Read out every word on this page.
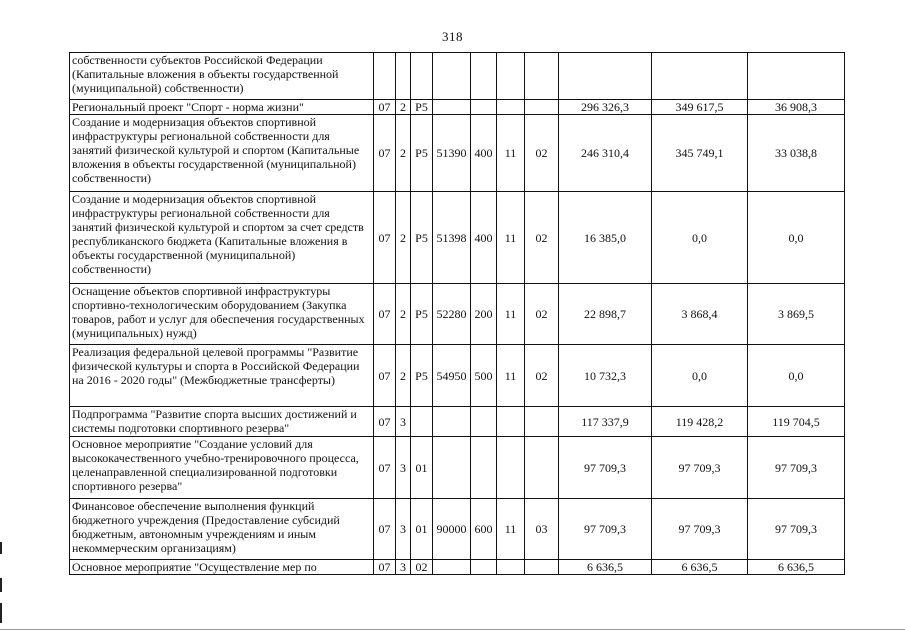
318
собственности субъектов Российской Федерации (Капитальные вложения в объекты государственной (муниципальной) собственности)										
Региональный проект "Спорт - норма жизни"	07	2	P5					296 326,3	349 617,5	36 908,3
Создание и модернизация объектов спортивной инфраструктуры региональной собственности для занятий физической культурой и спортом (Капитальные вложения в объекты государственной (муниципальной) собственности)	07	2	P5	51390	400	11	02	246 310,4	345 749,1	33 038,8
Создание и модернизация объектов спортивной инфраструктуры региональной собственности для занятий физической культурой и спортом за счет средств республиканского бюджета (Капитальные вложения в объекты государственной (муниципальной) собственности)	07	2	P5	51398	400	11	02	16 385,0	0,0	0,0
Оснащение объектов спортивной инфраструктуры спортивно-технологическим оборудованием (Закупка товаров, работ и услуг для обеспечения государственных (муниципальных) нужд)	07	2	P5	52280	200	11	02	22 898,7	3 868,4	3 869,5
Реализация федеральной целевой программы "Развитие физической культуры и спорта в Российской Федерации на 2016 - 2020 годы" (Межбюджетные трансферты)	07	2	P5	54950	500	11	02	10 732,3	0,0	0,0
Подпрограмма "Развитие спорта высших достижений и системы подготовки спортивного резерва"	07	3						117 337,9	119 428,2	119 704,5
Основное мероприятие "Создание условий для высококачественного учебно-тренировочного процесса, целенаправленной специализированной подготовки спортивного резерва"	07	3	01					97 709,3	97 709,3	97 709,3
Финансовое обеспечение выполнения функций бюджетного учреждения (Предоставление субсидий бюджетным, автономным учреждениям и иным некоммерческим организациям)	07	3	01	90000	600	11	03	97 709,3	97 709,3	97 709,3
Основное мероприятие "Осуществление мер по	07	3	02					6 636,5	6 636,5	6 636,5
